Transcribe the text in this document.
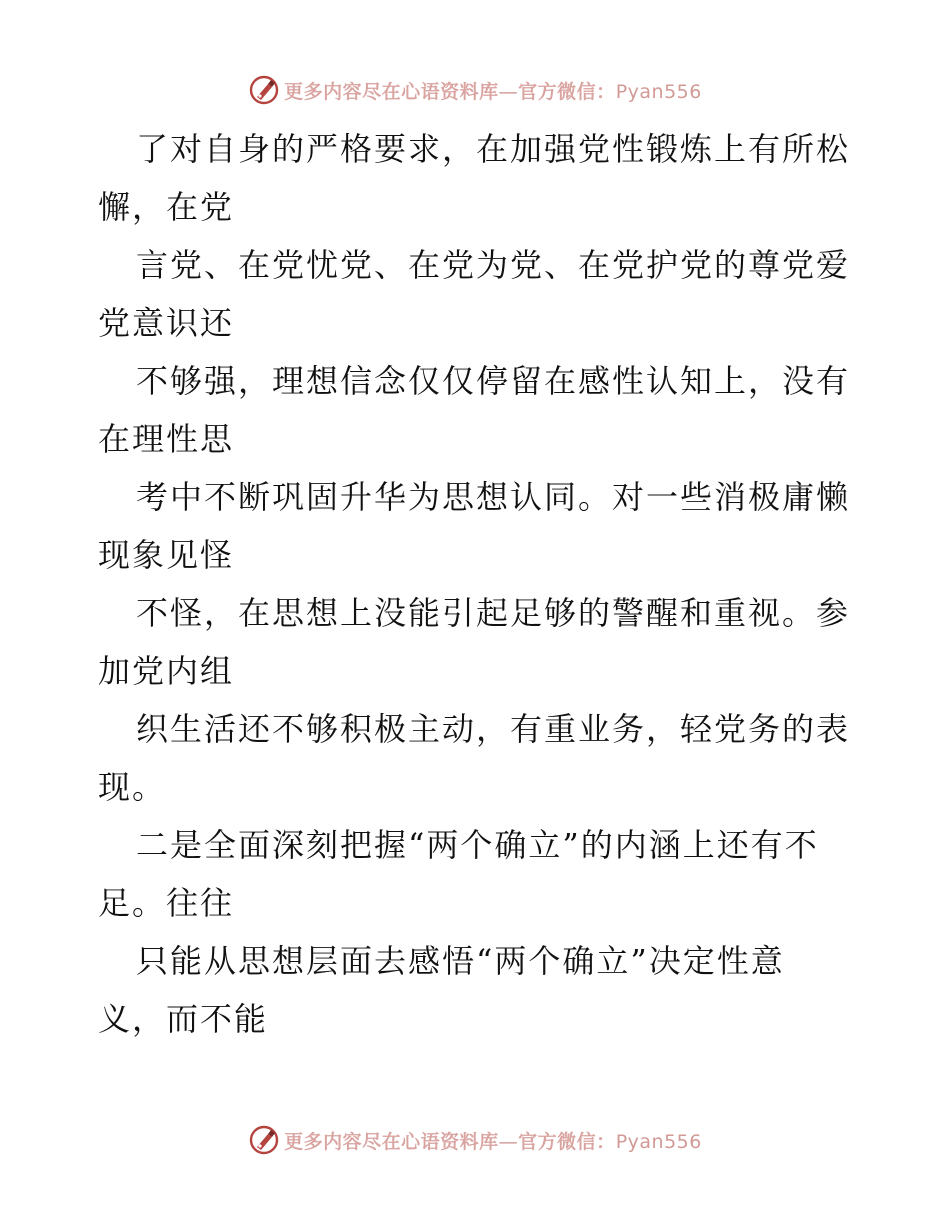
更多内容尽在心语资料库—官方微信：Pyan556
了对自身的严格要求，在加强党性锻炼上有所松
懈，在党
言党、在党忧党、在党为党、在党护党的尊党爱
党意识还
不够强，理想信念仅仅停留在感性认知上，没有
在理性思
考中不断巩固升华为思想认同。对一些消极庸懒
现象见怪
不怪，在思想上没能引起足够的警醒和重视。参
加党内组
织生活还不够积极主动，有重业务，轻党务的表
现。
二是全面深刻把握“两个确立”的内涵上还有不
足。往往
只能从思想层面去感悟“两个确立”决定性意
义，而不能
更多内容尽在心语资料库—官方微信：Pyan556
